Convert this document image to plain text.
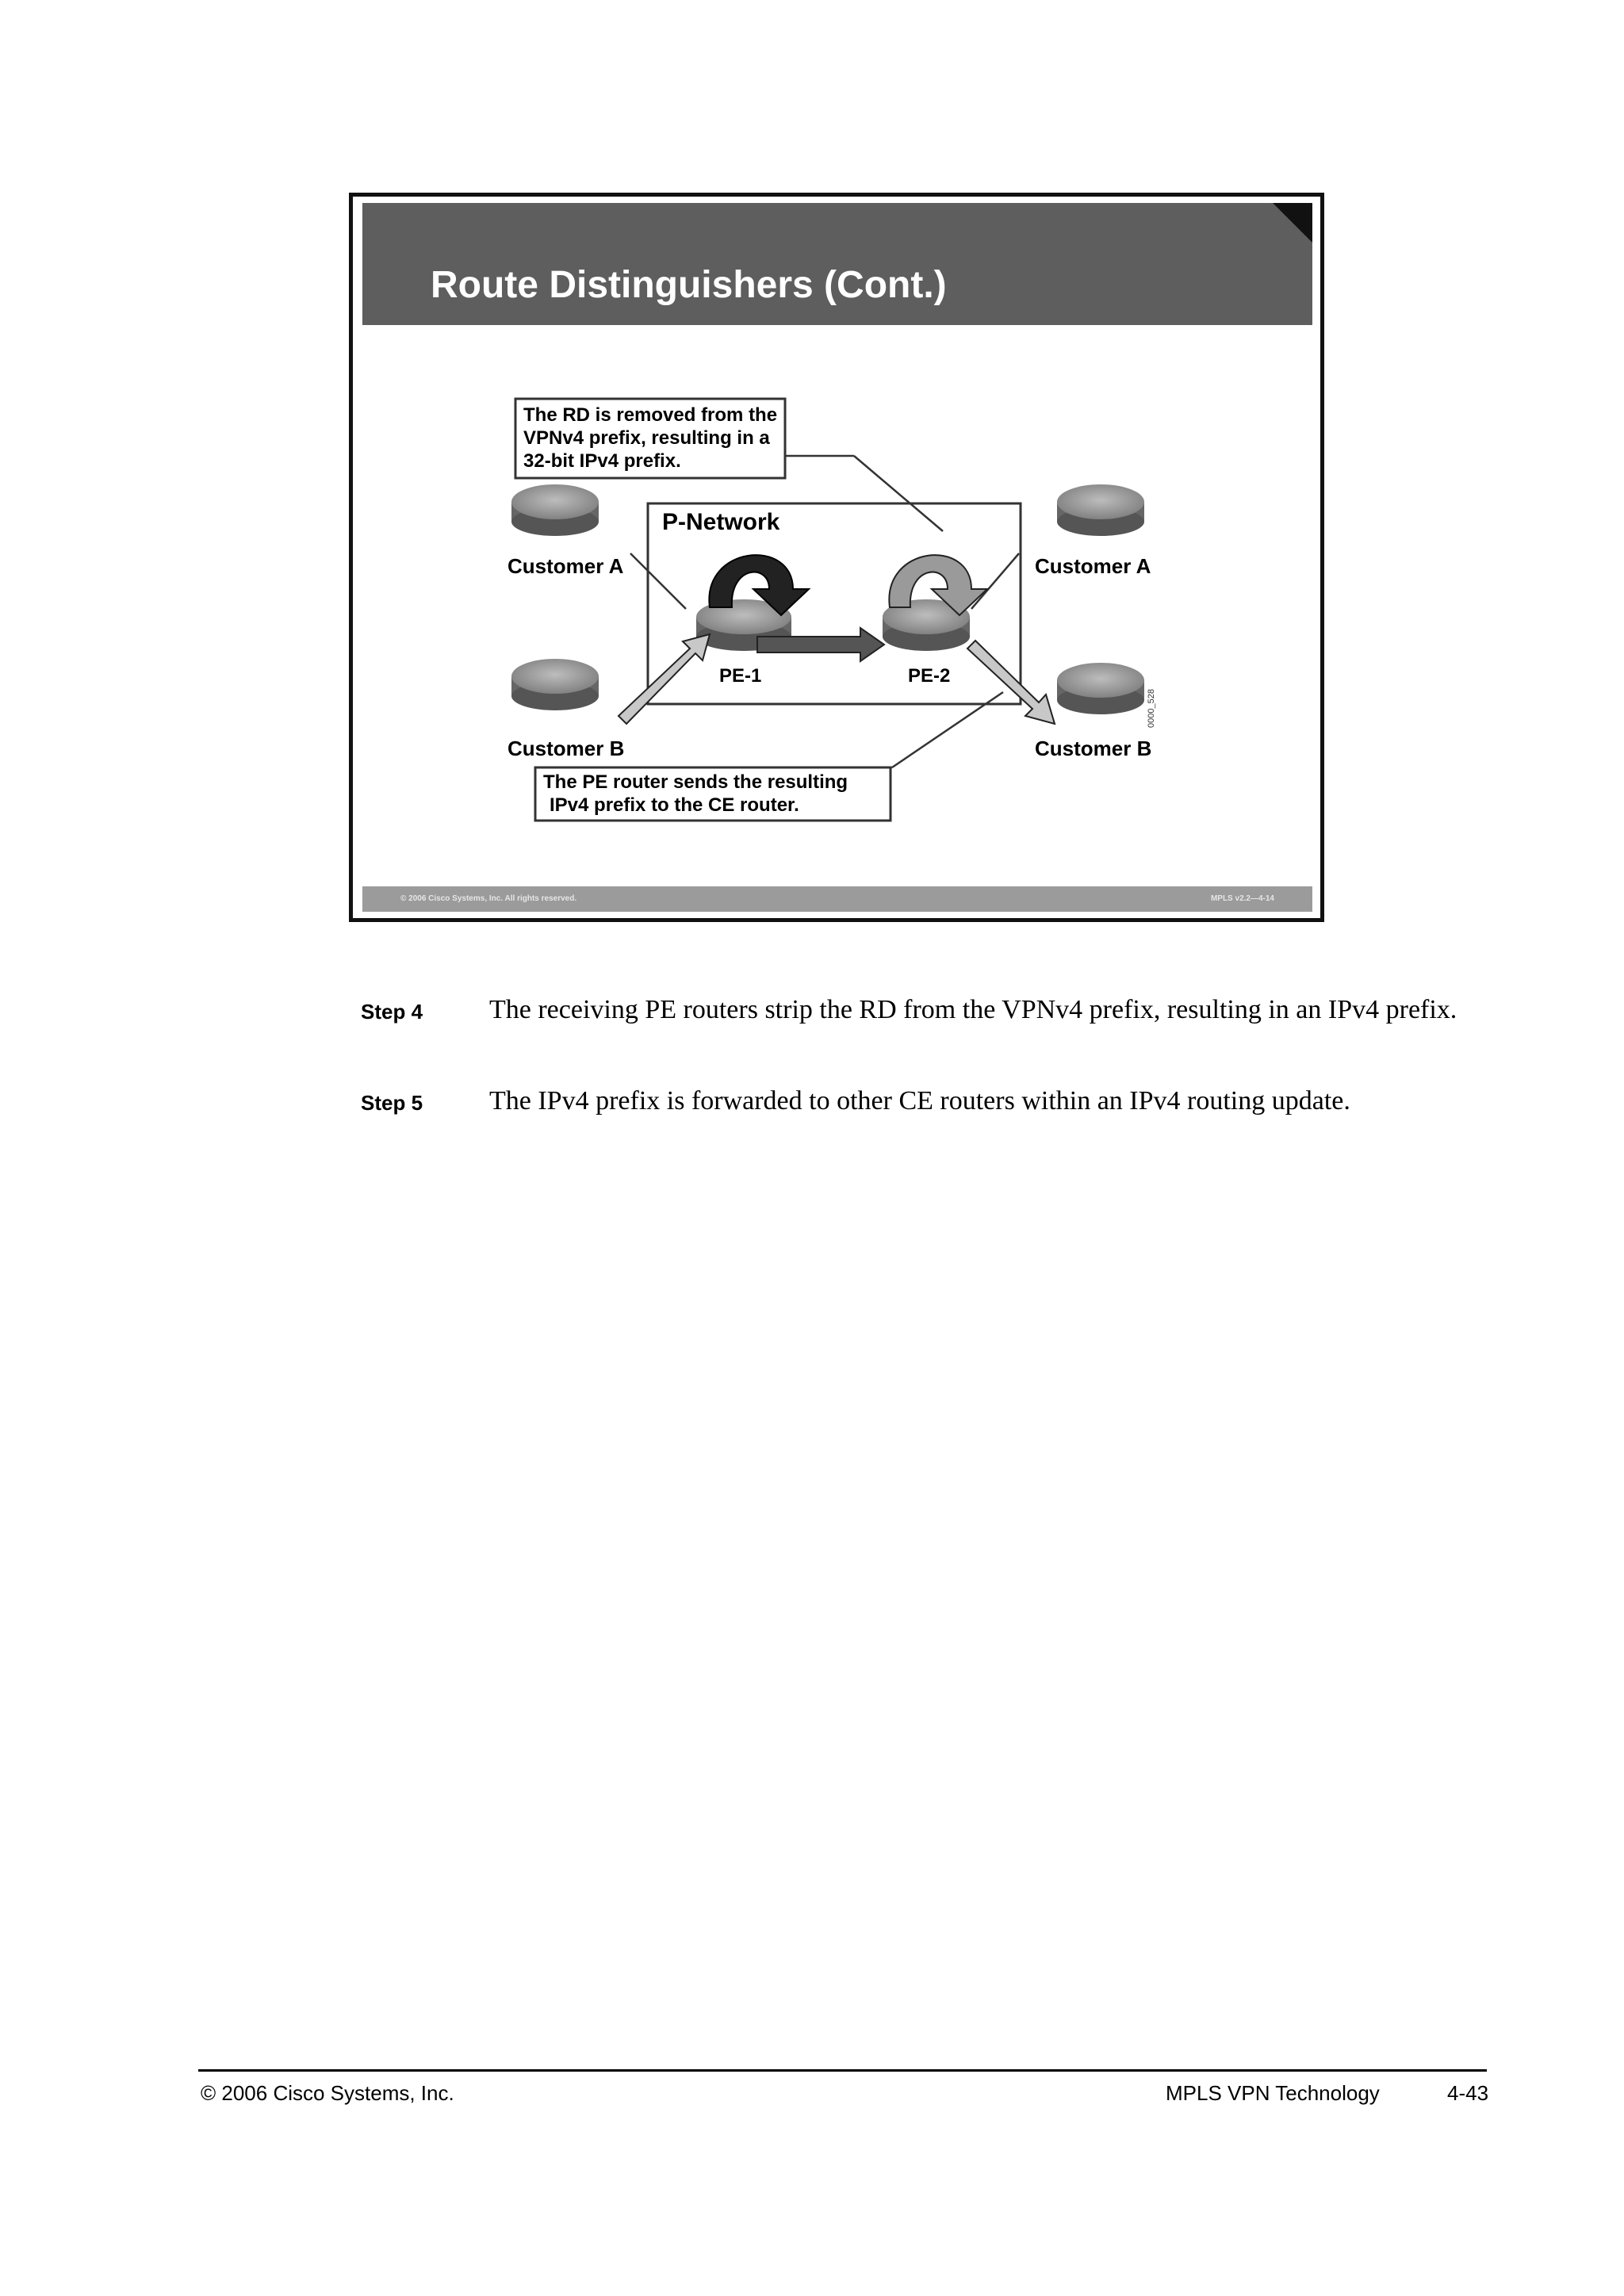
Route Distinguishers (Cont.)
P-Network
The RD is removed from the VPNv4 prefix, resulting in a 32-bit IPv4 prefix.
Customer A
Customer B
Customer A
Customer B
PE-1	PE-2
0000_528
The PE router sends the resulting IPv4 prefix to the CE router.
© 2006 Cisco Systems, Inc. All rights reserved.	MPLS v2.2—4-14
Step 4 The receiving PE routers strip the RD from the VPNv4 prefix, resulting in an IPv4 prefix.
Step 5 The IPv4 prefix is forwarded to other CE routers within an IPv4 routing update.
© 2006 Cisco Systems, Inc.	MPLS VPN Technology	4-43
